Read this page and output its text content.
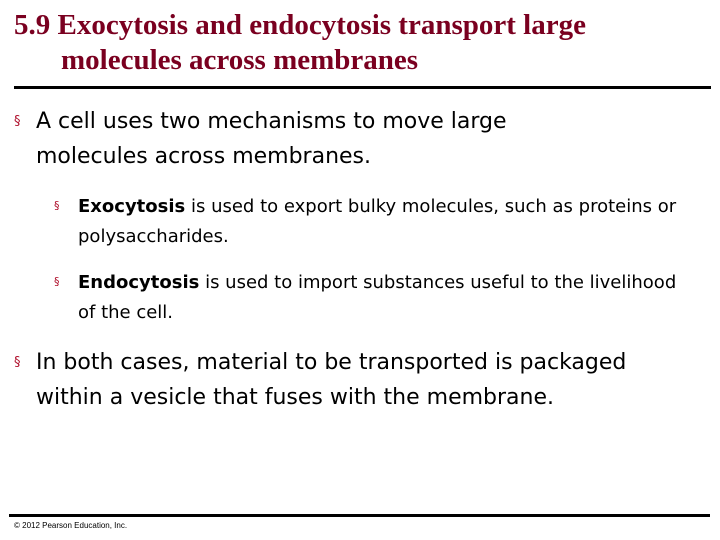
5.9 Exocytosis and endocytosis transport large
molecules across membranes
§ A cell uses two mechanisms to move large molecules across membranes.
§ Exocytosis is used to export bulky molecules, such as proteins or polysaccharides.
§ Endocytosis is used to import substances useful to the livelihood of the cell.
§ In both cases, material to be transported is packaged within a vesicle that fuses with the membrane.
© 2012 Pearson Education, Inc.
